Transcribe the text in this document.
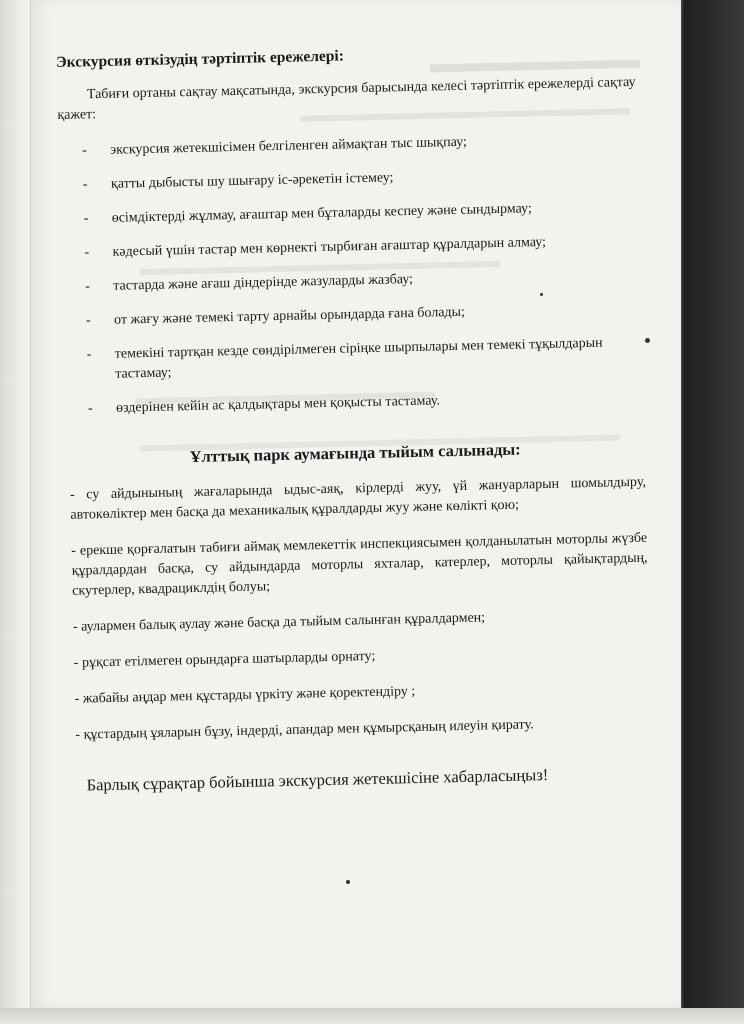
Экскурсия өткізудің тәртіптік ережелері:
Табиғи ортаны сақтау мақсатында, экскурсия барысында келесі тәртіптік ережелерді сақтау қажет:
- экскурсия жетекшісімен белгіленген аймақтан тыс шықпау;
- қатты дыбысты шу шығару іс-әрекетін істемеу;
- өсімдіктерді жұлмау, ағаштар мен бұталарды кеспеу және сындырмау;
- кәдесый үшін тастар мен көрнекті тырбиған ағаштар құралдарын алмау;
- тастарда және ағаш діндерінде жазуларды жазбау;
- от жағу және темекі тарту арнайы орындарда ғана болады;
- темекіні тартқан кезде сөндірілмеген сіріңке шырпылары мен темекі тұқылдарын тастамау;
- өздерінен кейін ас қалдықтары мен қоқысты тастамау.
Ұлттық парк аумағында тыйым салынады:
- су айдынының жағаларында ыдыс-аяқ, кірлерді жуу, үй жануарларын шомылдыру, автокөліктер мен басқа да механикалық құралдарды жуу және көлікті қою;
- ерекше қорғалатын табиғи аймақ мемлекеттік инспекциясымен қолданылатын моторлы жүзбе құралдардан басқа, су айдындарда моторлы яхталар, катерлер, моторлы қайықтардың, скутерлер, квадрациклдің болуы;
- аулармен балық аулау және басқа да тыйым салынған құралдармен;
- рұқсат етілмеген орындарға шатырларды орнату;
- жабайы аңдар мен құстарды үркіту және қоректендіру ;
- құстардың ұяларын бұзу, індерді, апандар мен құмырсқаның илеуін қирату.
Барлық сұрақтар бойынша экскурсия жетекшісіне хабарласыңыз!
